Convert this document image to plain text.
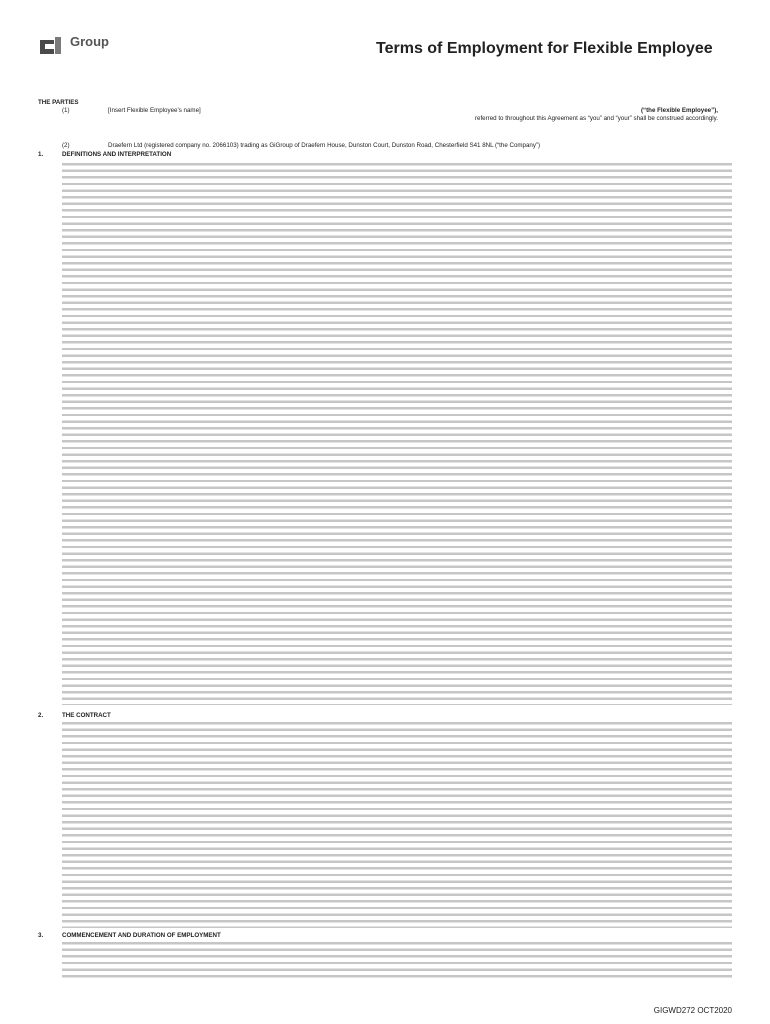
Group	Terms of Employment for Flexible Employee
THE PARTIES
(1)	[Insert Flexible Employee’s name]	(“the Flexible Employee”),
referred to throughout this Agreement as “you” and “your” shall be construed accordingly.
(2)	Draefern Ltd (registered company no. 2066103) trading as GiGroup of Draefern House, Dunston Court, Dunston Road, Chesterfield S41 8NL (“the Company”)
1.	DEFINITIONS AND INTERPRETATION
2.	THE CONTRACT
3.	COMMENCEMENT AND DURATION OF EMPLOYMENT
GIGWD272 OCT2020
